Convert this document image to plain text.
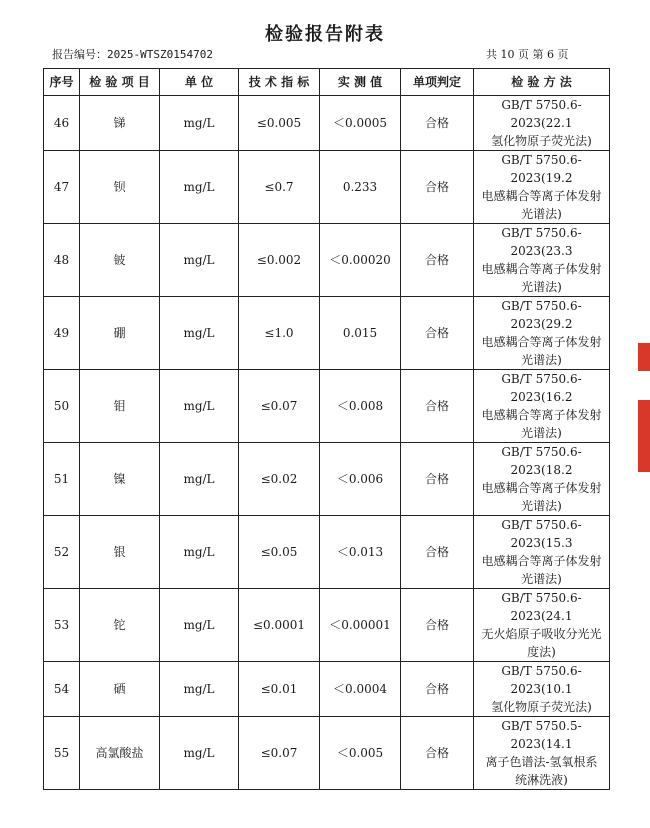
检验报告附表
报告编号：2025-WTSZ0154702	共 10 页 第 6 页
序号	检 验 项 目	单 位	技 术 指 标	实 测 值	单项判定	检 验 方 法
46	锑	mg/L	≤0.005	＜0.0005	合格	GB/T 5750.6-2023(22.1
氢化物原子荧光法)
47	钡	mg/L	≤0.7	0.233	合格	GB/T 5750.6-2023(19.2
电感耦合等离子体发射
光谱法)
48	铍	mg/L	≤0.002	＜0.00020	合格	GB/T 5750.6-2023(23.3
电感耦合等离子体发射
光谱法)
49	硼	mg/L	≤1.0	0.015	合格	GB/T 5750.6-2023(29.2
电感耦合等离子体发射
光谱法)
50	钼	mg/L	≤0.07	＜0.008	合格	GB/T 5750.6-2023(16.2
电感耦合等离子体发射
光谱法)
51	镍	mg/L	≤0.02	＜0.006	合格	GB/T 5750.6-2023(18.2
电感耦合等离子体发射
光谱法)
52	银	mg/L	≤0.05	＜0.013	合格	GB/T 5750.6-2023(15.3
电感耦合等离子体发射
光谱法)
53	铊	mg/L	≤0.0001	＜0.00001	合格	GB/T 5750.6-2023(24.1
无火焰原子吸收分光光
度法)
54	硒	mg/L	≤0.01	＜0.0004	合格	GB/T 5750.6-2023(10.1
氢化物原子荧光法)
55	高氯酸盐	mg/L	≤0.07	＜0.005	合格	GB/T 5750.5-2023(14.1
离子色谱法-氢氧根系
统淋洗液)
